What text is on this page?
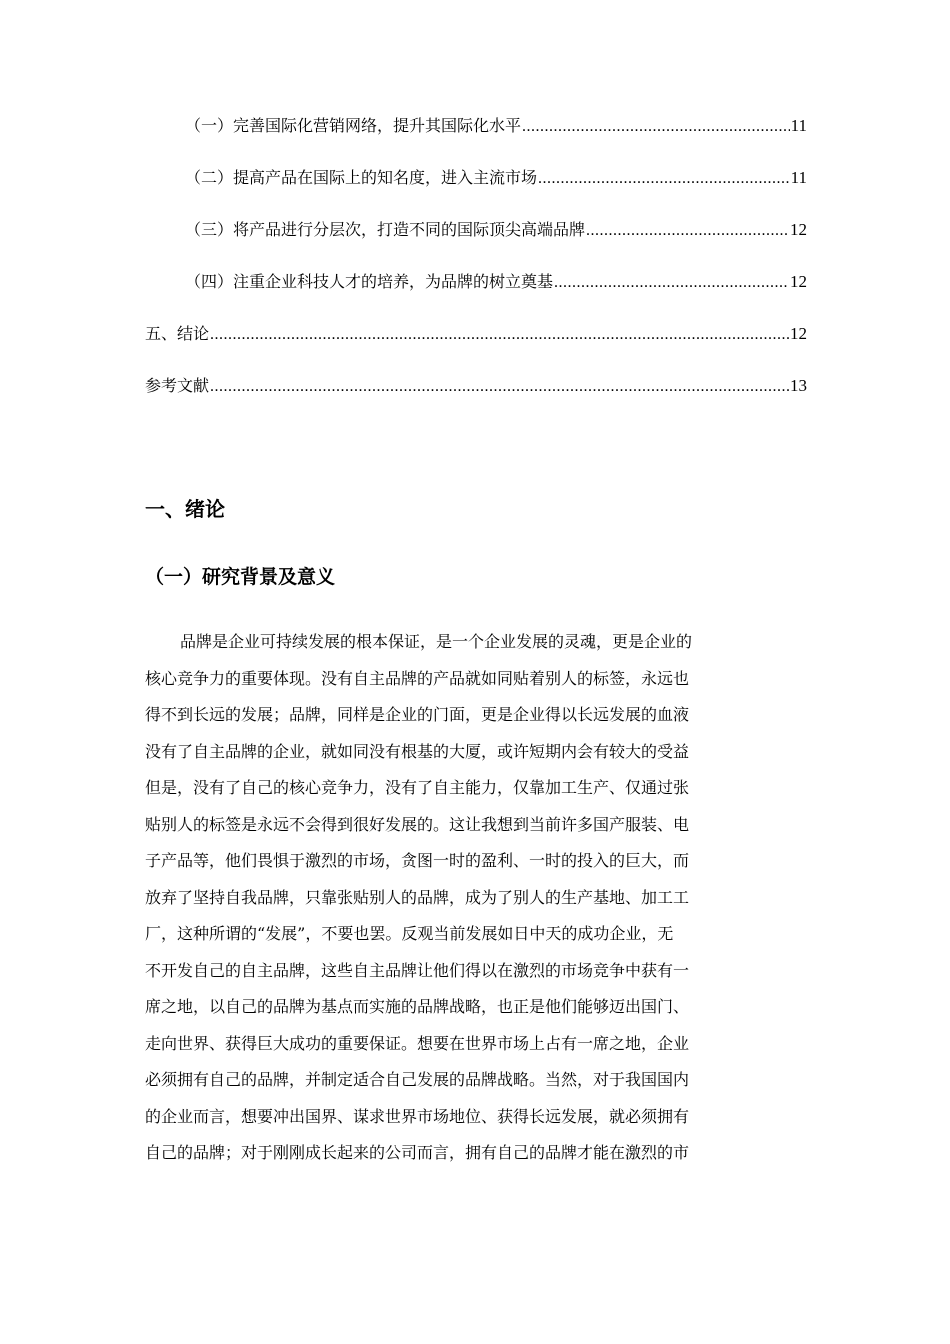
（一）完善国际化营销网络，提升其国际化水平 .....	11
（二）提高产品在国际上的知名度，进入主流市场 .....	11
（三）将产品进行分层次，打造不同的国际顶尖高端品牌 .....	12
（四）注重企业科技人才的培养，为品牌的树立奠基 .....	12
五、结论 .....	12
参考文献 .....	13
一、绪论
（一）研究背景及意义
品牌是企业可持续发展的根本保证，是一个企业发展的灵魂，更是企业的
核心竞争力的重要体现。没有自主品牌的产品就如同贴着别人的标签，永远也
得不到长远的发展；品牌，同样是企业的门面，更是企业得以长远发展的血液
没有了自主品牌的企业，就如同没有根基的大厦，或许短期内会有较大的受益
但是，没有了自己的核心竞争力，没有了自主能力，仅靠加工生产、仅通过张
贴别人的标签是永远不会得到很好发展的。这让我想到当前许多国产服装、电
子产品等，他们畏惧于激烈的市场，贪图一时的盈利、一时的投入的巨大，而
放弃了坚持自我品牌，只靠张贴别人的品牌，成为了别人的生产基地、加工工
厂，这种所谓的“发展”，不要也罢。反观当前发展如日中天的成功企业，无
不开发自己的自主品牌，这些自主品牌让他们得以在激烈的市场竞争中获有一
席之地，以自己的品牌为基点而实施的品牌战略，也正是他们能够迈出国门、
走向世界、获得巨大成功的重要保证。想要在世界市场上占有一席之地，企业
必须拥有自己的品牌，并制定适合自己发展的品牌战略。当然，对于我国国内
的企业而言，想要冲出国界、谋求世界市场地位、获得长远发展，就必须拥有
自己的品牌；对于刚刚成长起来的公司而言，拥有自己的品牌才能在激烈的市
